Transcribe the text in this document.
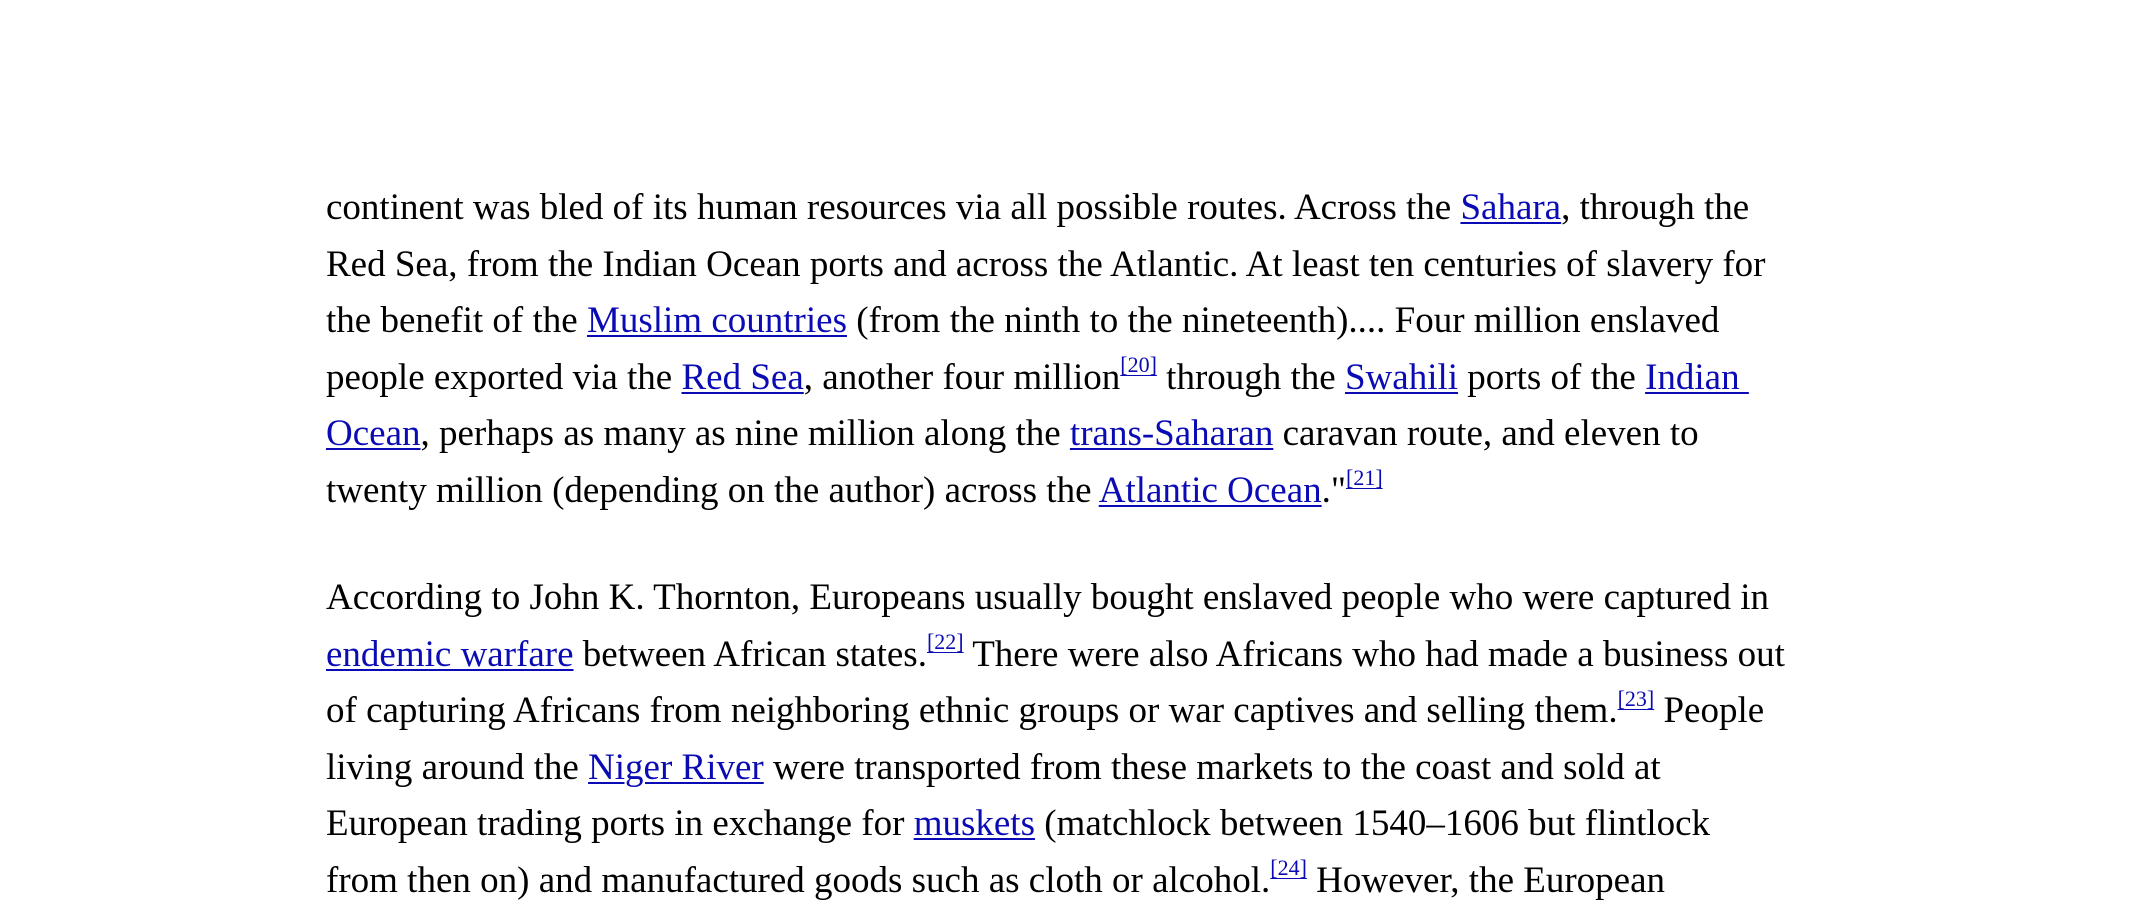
continent was bled of its human resources via all possible routes. Across the Sahara, through the
Red Sea, from the Indian Ocean ports and across the Atlantic. At least ten centuries of slavery for
the benefit of the Muslim countries (from the ninth to the nineteenth).... Four million enslaved
people exported via the Red Sea, another four million[20] through the Swahili ports of the Indian
Ocean, perhaps as many as nine million along the trans-Saharan caravan route, and eleven to
twenty million (depending on the author) across the Atlantic Ocean."[21]
According to John K. Thornton, Europeans usually bought enslaved people who were captured in
endemic warfare between African states.[22] There were also Africans who had made a business out
of capturing Africans from neighboring ethnic groups or war captives and selling them.[23] People
living around the Niger River were transported from these markets to the coast and sold at
European trading ports in exchange for muskets (matchlock between 1540–1606 but flintlock
from then on) and manufactured goods such as cloth or alcohol.[24] However, the European
